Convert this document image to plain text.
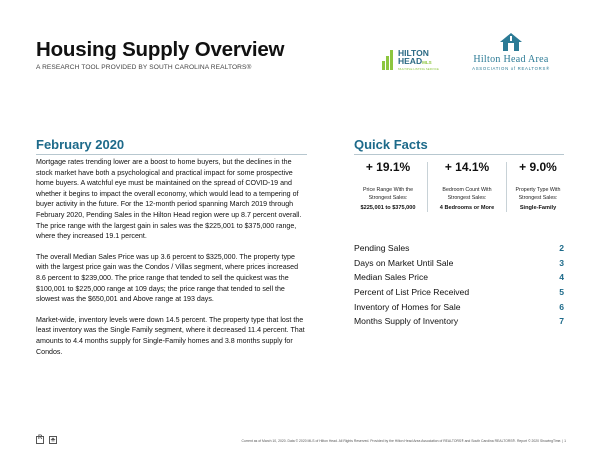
Housing Supply Overview
A RESEARCH TOOL PROVIDED BY SOUTH CAROLINA REALTORS®
HILTON
HEADMLS
MULTIPLE LISTING SERVICE
Hilton Head Area
ASSOCIATION of REALTORS®
February 2020

Mortgage rates trending lower are a boost to home buyers, but the declines in the stock market have both a psychological and practical impact for some prospective home buyers. A watchful eye must be maintained on the spread of COVID-19 and whether it begins to impact the overall economy, which would lead to a tempering of buyer activity in the future. For the 12-month period spanning March 2019 through February 2020, Pending Sales in the Hilton Head region were up 8.7 percent overall. The price range with the largest gain in sales was the $225,001 to $375,000 range, where they increased 19.1 percent.

The overall Median Sales Price was up 3.6 percent to $325,000. The property type with the largest price gain was the Condos / Villas segment, where prices increased 8.6 percent to $239,000. The price range that tended to sell the quickest was the $100,001 to $225,000 range at 109 days; the price range that tended to sell the slowest was the $650,001 and Above range at 193 days.

Market-wide, inventory levels were down 14.5 percent. The property type that lost the least inventory was the Single Family segment, where it decreased 11.4 percent. That amounts to 4.4 months supply for Single-Family homes and 3.8 months supply for Condos.

Quick Facts
+ 19.1%
Price Range With the
Strongest Sales:
$225,001 to $375,000
+ 14.1%
Bedroom Count With
Strongest Sales:
4 Bedrooms or More
+ 9.0%
Property Type With
Strongest Sales:
Single-Family
Pending Sales	2
Days on Market Until Sale	3
Median Sales Price	4
Percent of List Price Received	5
Inventory of Homes for Sale	6
Months Supply of Inventory	7
R
Current as of March 10, 2020. Data © 2020 MLS of Hilton Head. All Rights Reserved. Provided by the Hilton Head Area Association of REALTORS® and South Carolina REALTORS®. Report © 2020 ShowingTime. | 1
